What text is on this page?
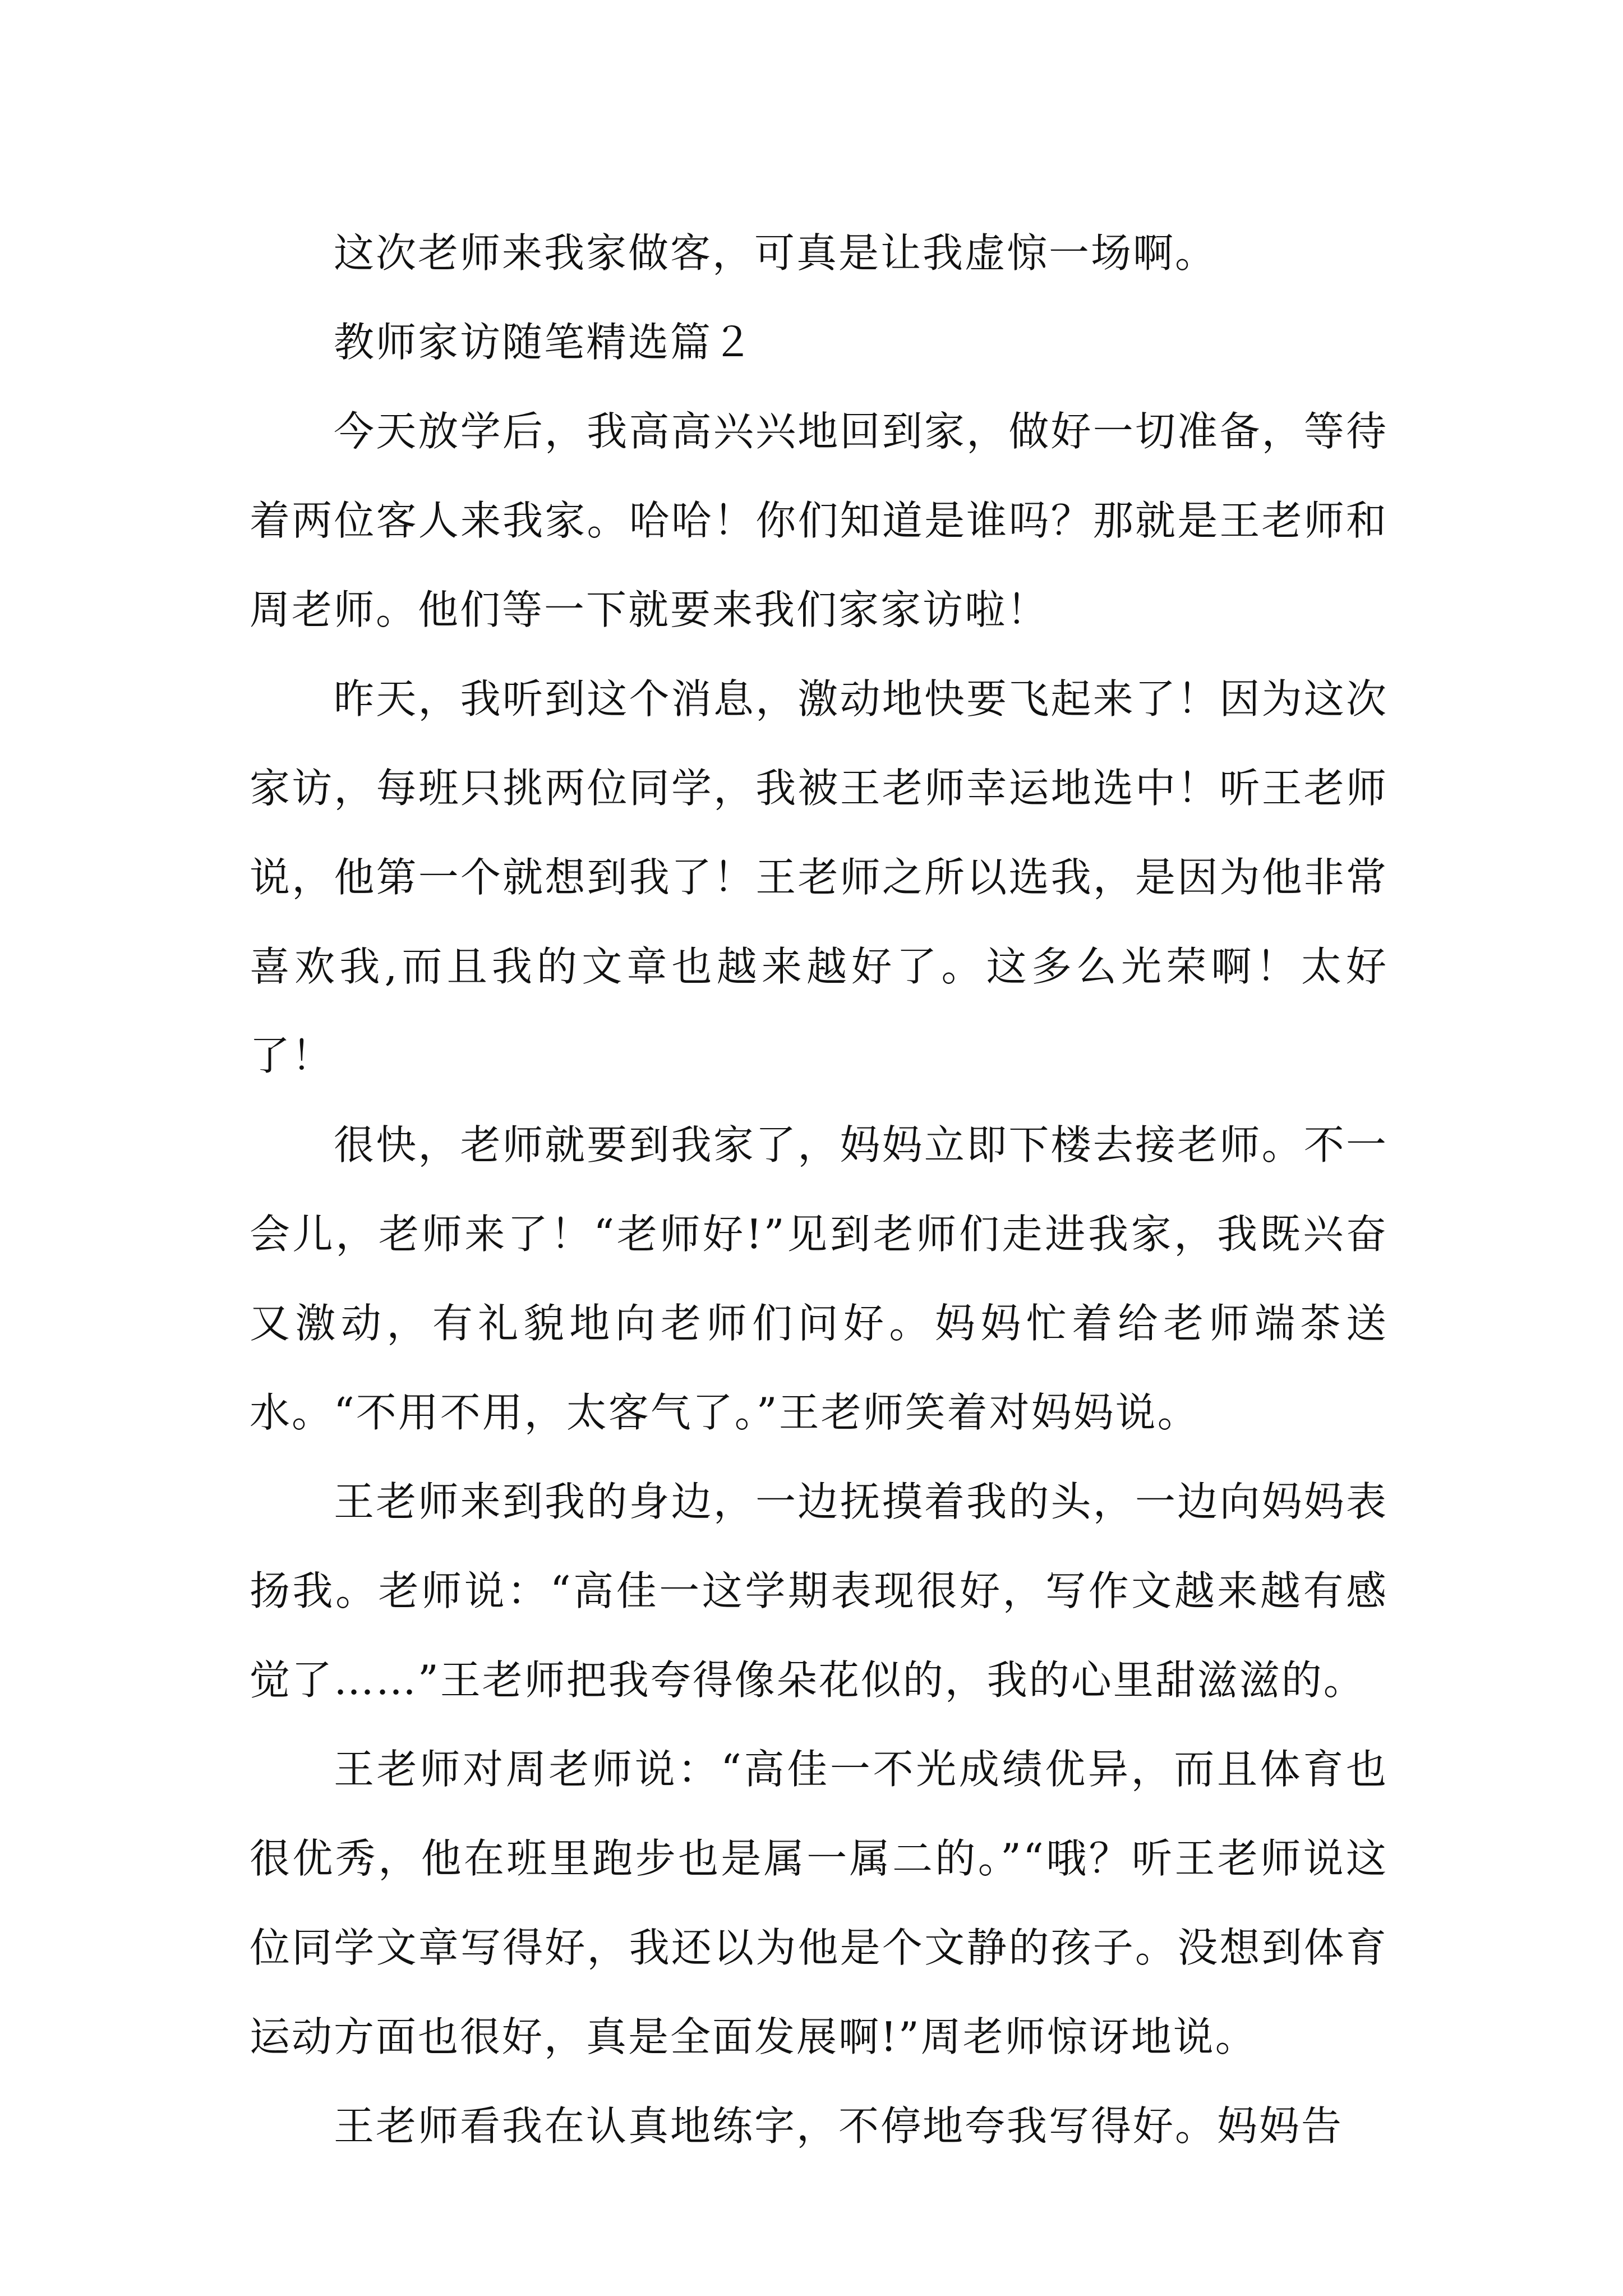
这次老师来我家做客，可真是让我虚惊一场啊。

教师家访随笔精选篇２

今天放学后，我高高兴兴地回到家，做好一切准备，等待着两位客人来我家。哈哈！你们知道是谁吗？那就是王老师和周老师。他们等一下就要来我们家家访啦！

昨天，我听到这个消息，激动地快要飞起来了！因为这次家访，每班只挑两位同学，我被王老师幸运地选中！听王老师说，他第一个就想到我了！王老师之所以选我，是因为他非常喜欢我,而且我的文章也越来越好了。这多么光荣啊！太好了！

很快，老师就要到我家了，妈妈立即下楼去接老师。不一会儿，老师来了！“老师好!”见到老师们走进我家，我既兴奋又激动，有礼貌地向老师们问好。妈妈忙着给老师端茶送水。“不用不用，太客气了。”王老师笑着对妈妈说。

王老师来到我的身边，一边抚摸着我的头，一边向妈妈表扬我。老师说：“高佳一这学期表现很好，写作文越来越有感觉了……”王老师把我夸得像朵花似的，我的心里甜滋滋的。

王老师对周老师说：“高佳一不光成绩优异，而且体育也很优秀，他在班里跑步也是属一属二的。”“哦？听王老师说这位同学文章写得好，我还以为他是个文静的孩子。没想到体育运动方面也很好，真是全面发展啊!”周老师惊讶地说。

王老师看我在认真地练字，不停地夸我写得好。妈妈告
